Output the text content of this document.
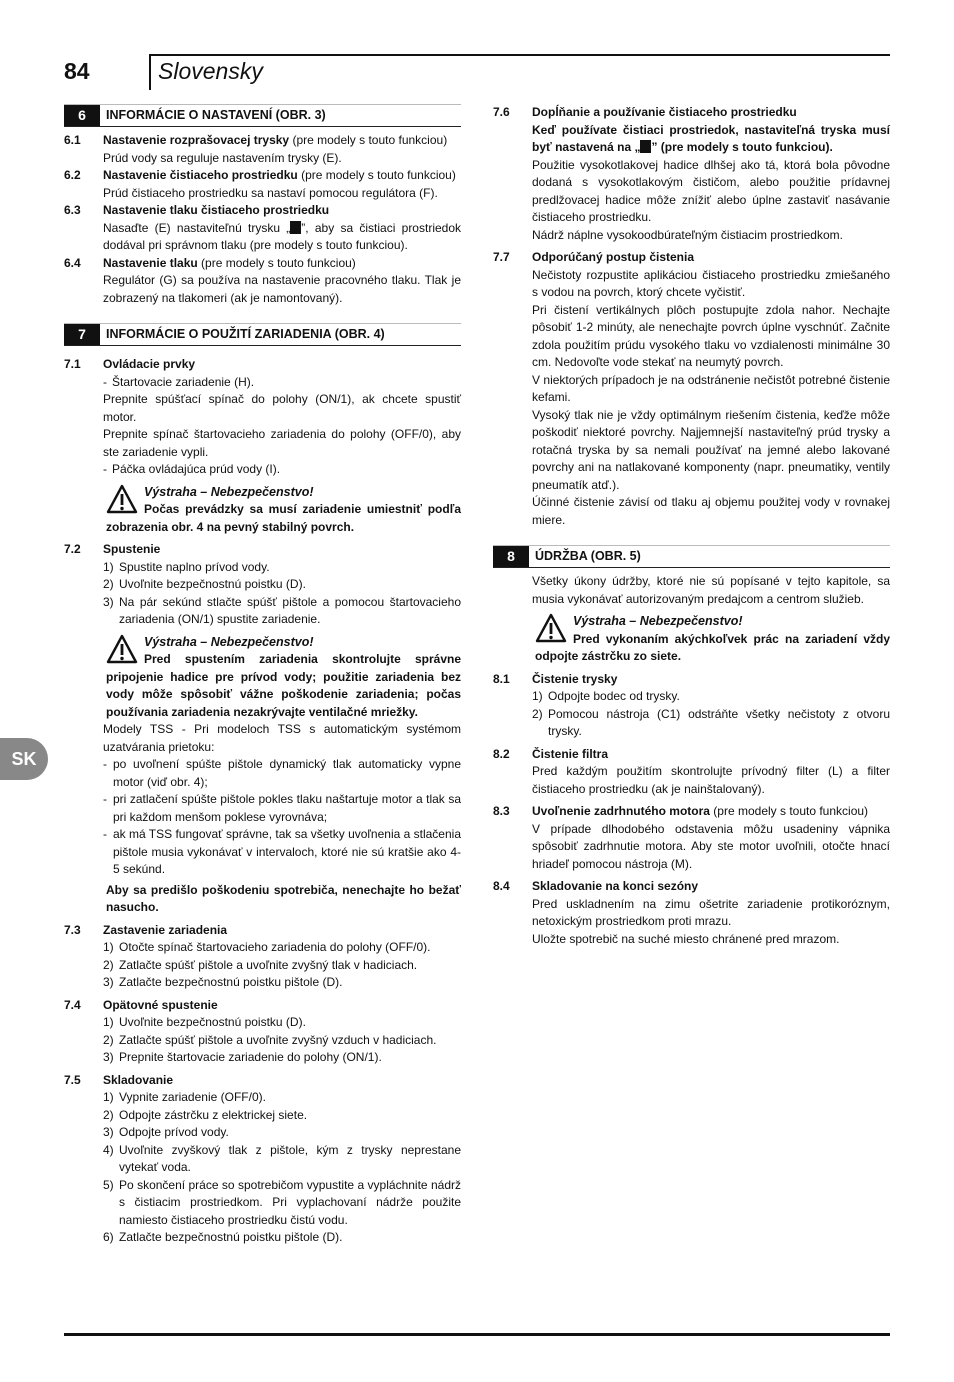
84	Slovensky
SK
6	INFORMÁCIE O NASTAVENÍ (OBR. 3)
6.1	Nastavenie rozprašovacej trysky (pre modely s touto funkciou)
Prúd vody sa reguluje nastavením trysky (E).
6.2	Nastavenie čistiaceho prostriedku (pre modely s touto funkciou)
Prúd čistiaceho prostriedku sa nastaví pomocou regulátora (F).
6.3	Nastavenie tlaku čistiaceho prostriedku
Nasaďte (E) nastaviteľnú trysku „ ”, aby sa čistiaci prostriedok dodával pri správnom tlaku (pre modely s touto funkciou).
6.4	Nastavenie tlaku (pre modely s touto funkciou)
Regulátor (G) sa používa na nastavenie pracovného tlaku. Tlak je zobrazený na tlakomeri (ak je namontovaný).
7	INFORMÁCIE O POUŽITÍ ZARIADENIA (OBR. 4)
7.1	Ovládacie prvky
- Štartovacie zariadenie (H).
Prepnite spúšťací spínač do polohy (ON/1), ak chcete spustiť motor.
Prepnite spínač štartovacieho zariadenia do polohy (OFF/0), aby ste zariadenie vypli.
- Páčka ovládajúca prúd vody (I).
Výstraha – Nebezpečenstvo!
Počas prevádzky sa musí zariadenie umiestniť podľa zobrazenia obr. 4 na pevný stabilný povrch.
7.2	Spustenie
1) Spustite naplno prívod vody.
2) Uvoľnite bezpečnostnú poistku (D).
3) Na pár sekúnd stlačte spúšť pištole a pomocou štartovacieho zariadenia (ON/1) spustite zariadenie.
Výstraha – Nebezpečenstvo!
Pred spustením zariadenia skontrolujte správne pripojenie hadice pre prívod vody; použitie zariadenia bez vody môže spôsobiť vážne poškodenie zariadenia; počas používania zariadenia nezakrývajte ventilačné mriežky.
Modely TSS - Pri modeloch TSS s automatickým systémom uzatvárania prietoku:
- po uvoľnení spúšte pištole dynamický tlak automaticky vypne motor (viď obr. 4);
- pri zatlačení spúšte pištole pokles tlaku naštartuje motor a tlak sa pri každom menšom poklese vyrovnáva;
- ak má TSS fungovať správne, tak sa všetky uvoľnenia a stlačenia pištole musia vykonávať v intervaloch, ktoré nie sú kratšie ako 4-5 sekúnd.
Aby sa predišlo poškodeniu spotrebiča, nenechajte ho bežať nasucho.
7.3	Zastavenie zariadenia
1) Otočte spínač štartovacieho zariadenia do polohy (OFF/0).
2) Zatlačte spúšť pištole a uvoľnite zvyšný tlak v hadiciach.
3) Zatlačte bezpečnostnú poistku pištole (D).
7.4	Opätovné spustenie
1) Uvoľnite bezpečnostnú poistku (D).
2) Zatlačte spúšť pištole a uvoľnite zvyšný vzduch v hadiciach.
3) Prepnite štartovacie zariadenie do polohy (ON/1).
7.5	Skladovanie
1) Vypnite zariadenie (OFF/0).
2) Odpojte zástrčku z elektrickej siete.
3) Odpojte prívod vody.
4) Uvoľnite zvyškový tlak z pištole, kým z trysky neprestane vytekať voda.
5) Po skončení práce so spotrebičom vypustite a vypláchnite nádrž s čistiacim prostriedkom. Pri vyplachovaní nádrže použite namiesto čistiaceho prostriedku čistú vodu.
6) Zatlačte bezpečnostnú poistku pištole (D).
7.6	Dopĺňanie a používanie čistiaceho prostriedku
Keď používate čistiaci prostriedok, nastaviteľná tryska musí byť nastavená na „ ” (pre modely s touto funkciou).
Použitie vysokotlakovej hadice dlhšej ako tá, ktorá bola pôvodne dodaná s vysokotlakovým čističom, alebo použitie prídavnej predlžovacej hadice môže znížiť alebo úplne zastaviť nasávanie čistiaceho prostriedku.
Nádrž náplne vysokoodbúrateľným čistiacim prostriedkom.
7.7	Odporúčaný postup čistenia
Nečistoty rozpustite aplikáciou čistiaceho prostriedku zmiešaného s vodou na povrch, ktorý chcete vyčistiť.
Pri čistení vertikálnych plôch postupujte zdola nahor. Nechajte pôsobiť 1-2 minúty, ale nenechajte povrch úplne vyschnúť. Začnite zdola použitím prúdu vysokého tlaku vo vzdialenosti minimálne 30 cm. Nedovoľte vode stekať na neumytý povrch.
V niektorých prípadoch je na odstránenie nečistôt potrebné čistenie kefami.
Vysoký tlak nie je vždy optimálnym riešením čistenia, keďže môže poškodiť niektoré povrchy. Najjemnejší nastaviteľný prúd trysky a rotačná tryska by sa nemali používať na jemné alebo lakované povrchy ani na natlakované komponenty (napr. pneumatiky, ventily pneumatík atď.).
Účinné čistenie závisí od tlaku aj objemu použitej vody v rovnakej miere.
8	ÚDRŽBA (OBR. 5)
Všetky úkony údržby, ktoré nie sú popísané v tejto kapitole, sa musia vykonávať autorizovaným predajcom a centrom služieb.
Výstraha – Nebezpečenstvo!
Pred vykonaním akýchkoľvek prác na zariadení vždy odpojte zástrčku zo siete.
8.1	Čistenie trysky
1) Odpojte bodec od trysky.
2) Pomocou nástroja (C1) odstráňte všetky nečistoty z otvoru trysky.
8.2	Čistenie filtra
Pred každým použitím skontrolujte prívodný filter (L) a filter čistiaceho prostriedku (ak je nainštalovaný).
8.3	Uvoľnenie zadrhnutého motora (pre modely s touto funkciou)
V prípade dlhodobého odstavenia môžu usadeniny vápnika spôsobiť zadrhnutie motora. Aby ste motor uvoľnili, otočte hnací hriadeľ pomocou nástroja (M).
8.4	Skladovanie na konci sezóny
Pred uskladnením na zimu ošetrite zariadenie protikoróznym, netoxickým prostriedkom proti mrazu.
Uložte spotrebič na suché miesto chránené pred mrazom.
